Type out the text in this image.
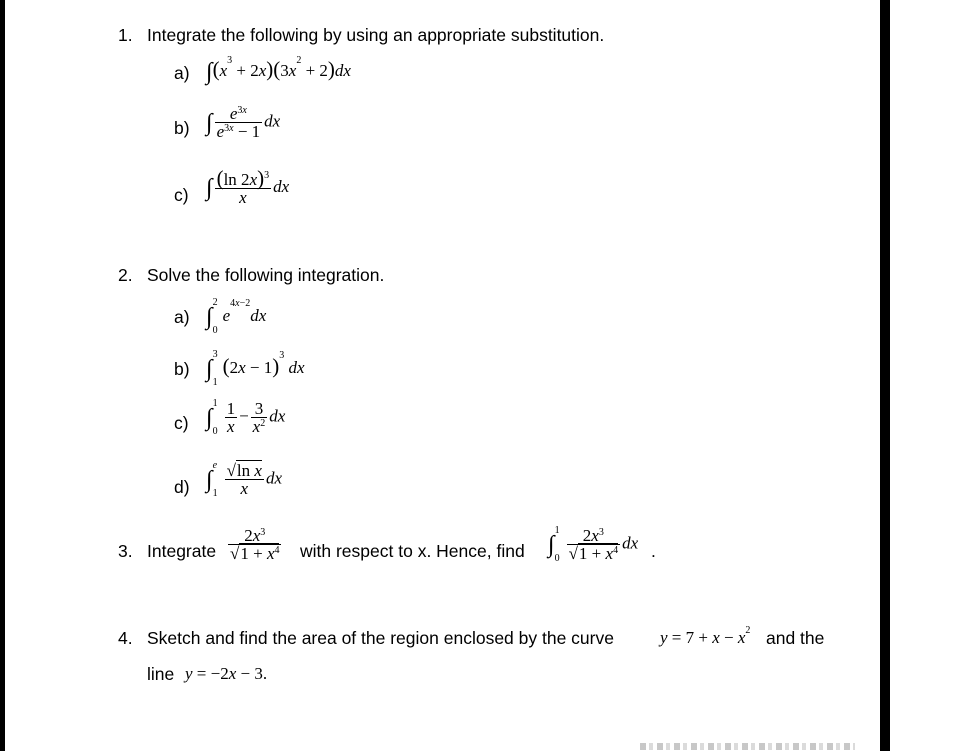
1. Integrate the following by using an appropriate substitution.
a) $\int(x^3 + 2x)(3x^2 + 2)dx$
b) ∫ $\frac{e^{3x}}{e^{3x} - 1}$ dx
c) ∫ $\frac{(\ln 2x)^3}{x}$ dx
2. Solve the following integration.
a) ∫
2
0
$e^{4x-2}dx$
b) ∫
3
1
$(2x - 1)^3$ dx
c) ∫
1
$0 \frac{1}{x} - \frac{3}{x^2}$ dx
d) ∫
e
$1 \frac{\text{√ln x}}{x}$ dx
3. Integrate $\frac{2x^3}{√1 + x^4}$ with respect to x. Hence, find ∫
1
$0 \frac{2x^3}{√1 + x^4}$ dx .
4. Sketch and find the area of the region enclosed by the curve	$y = 7 + x - x^2$ and the
line y = −2x − 3.
